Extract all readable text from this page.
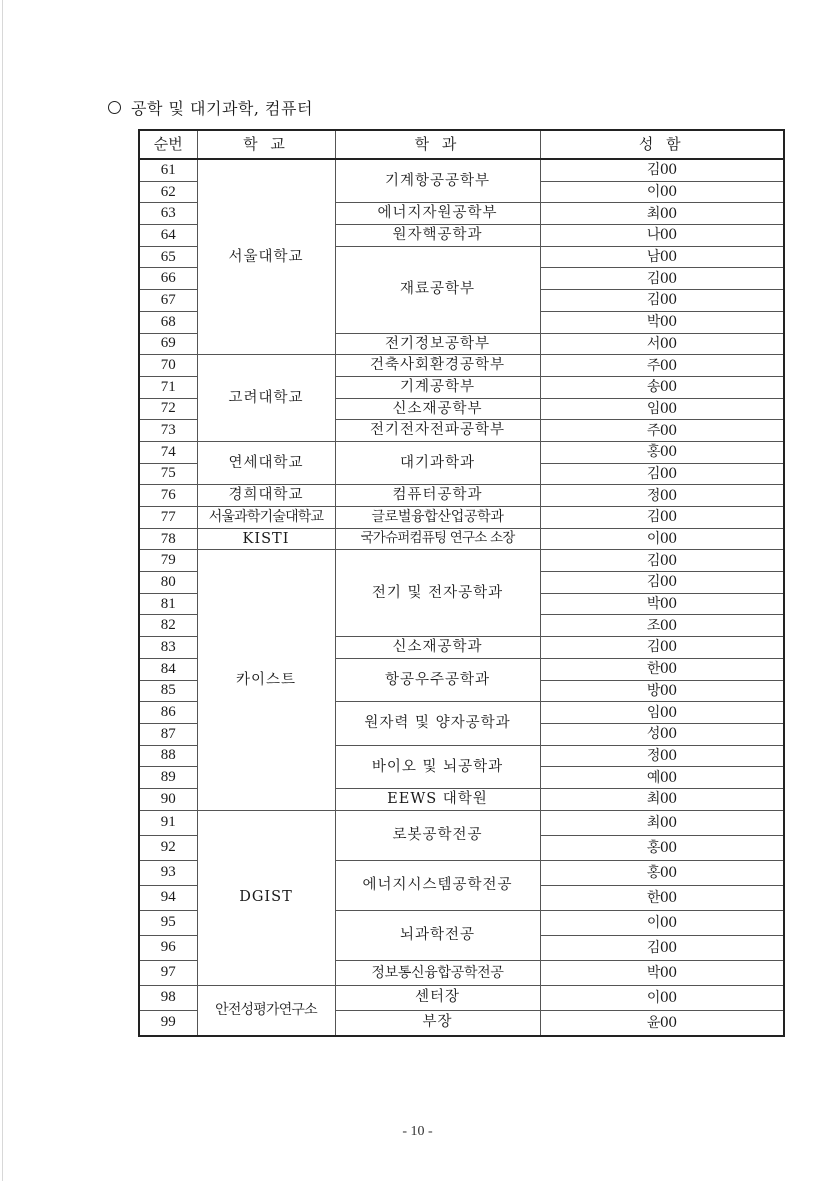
공학 및 대기과학, 컴퓨터
순번	학 교	학 과	성 함
61	서울대학교	기계항공공학부	김00
62			이00
63		에너지자원공학부	최00
64		원자핵공학과	나00
65		재료공학부	남00
66			김00
67			김00
68			박00
69		전기정보공학부	서00
70	고려대학교	건축사회환경공학부	주00
71		기계공학부	송00
72		신소재공학부	임00
73		전기전자전파공학부	주00
74	연세대학교	대기과학과	홍00
75			김00
76	경희대학교	컴퓨터공학과	정00
77	서울과학기술대학교	글로벌융합산업공학과	김00
78	KISTI	국가슈퍼컴퓨팅 연구소 소장	이00
79	카이스트	전기 및 전자공학과	김00
80			김00
81			박00
82			조00
83		신소재공학과	김00
84		항공우주공학과	한00
85			방00
86		원자력 및 양자공학과	임00
87			성00
88		바이오 및 뇌공학과	정00
89			예00
90		EEWS 대학원	최00
91	DGIST	로봇공학전공	최00
92			홍00
93		에너지시스템공학전공	홍00
94			한00
95		뇌과학전공	이00
96			김00
97		정보통신융합공학전공	박00
98	안전성평가연구소	센터장	이00
99		부장	윤00
- 10 -
